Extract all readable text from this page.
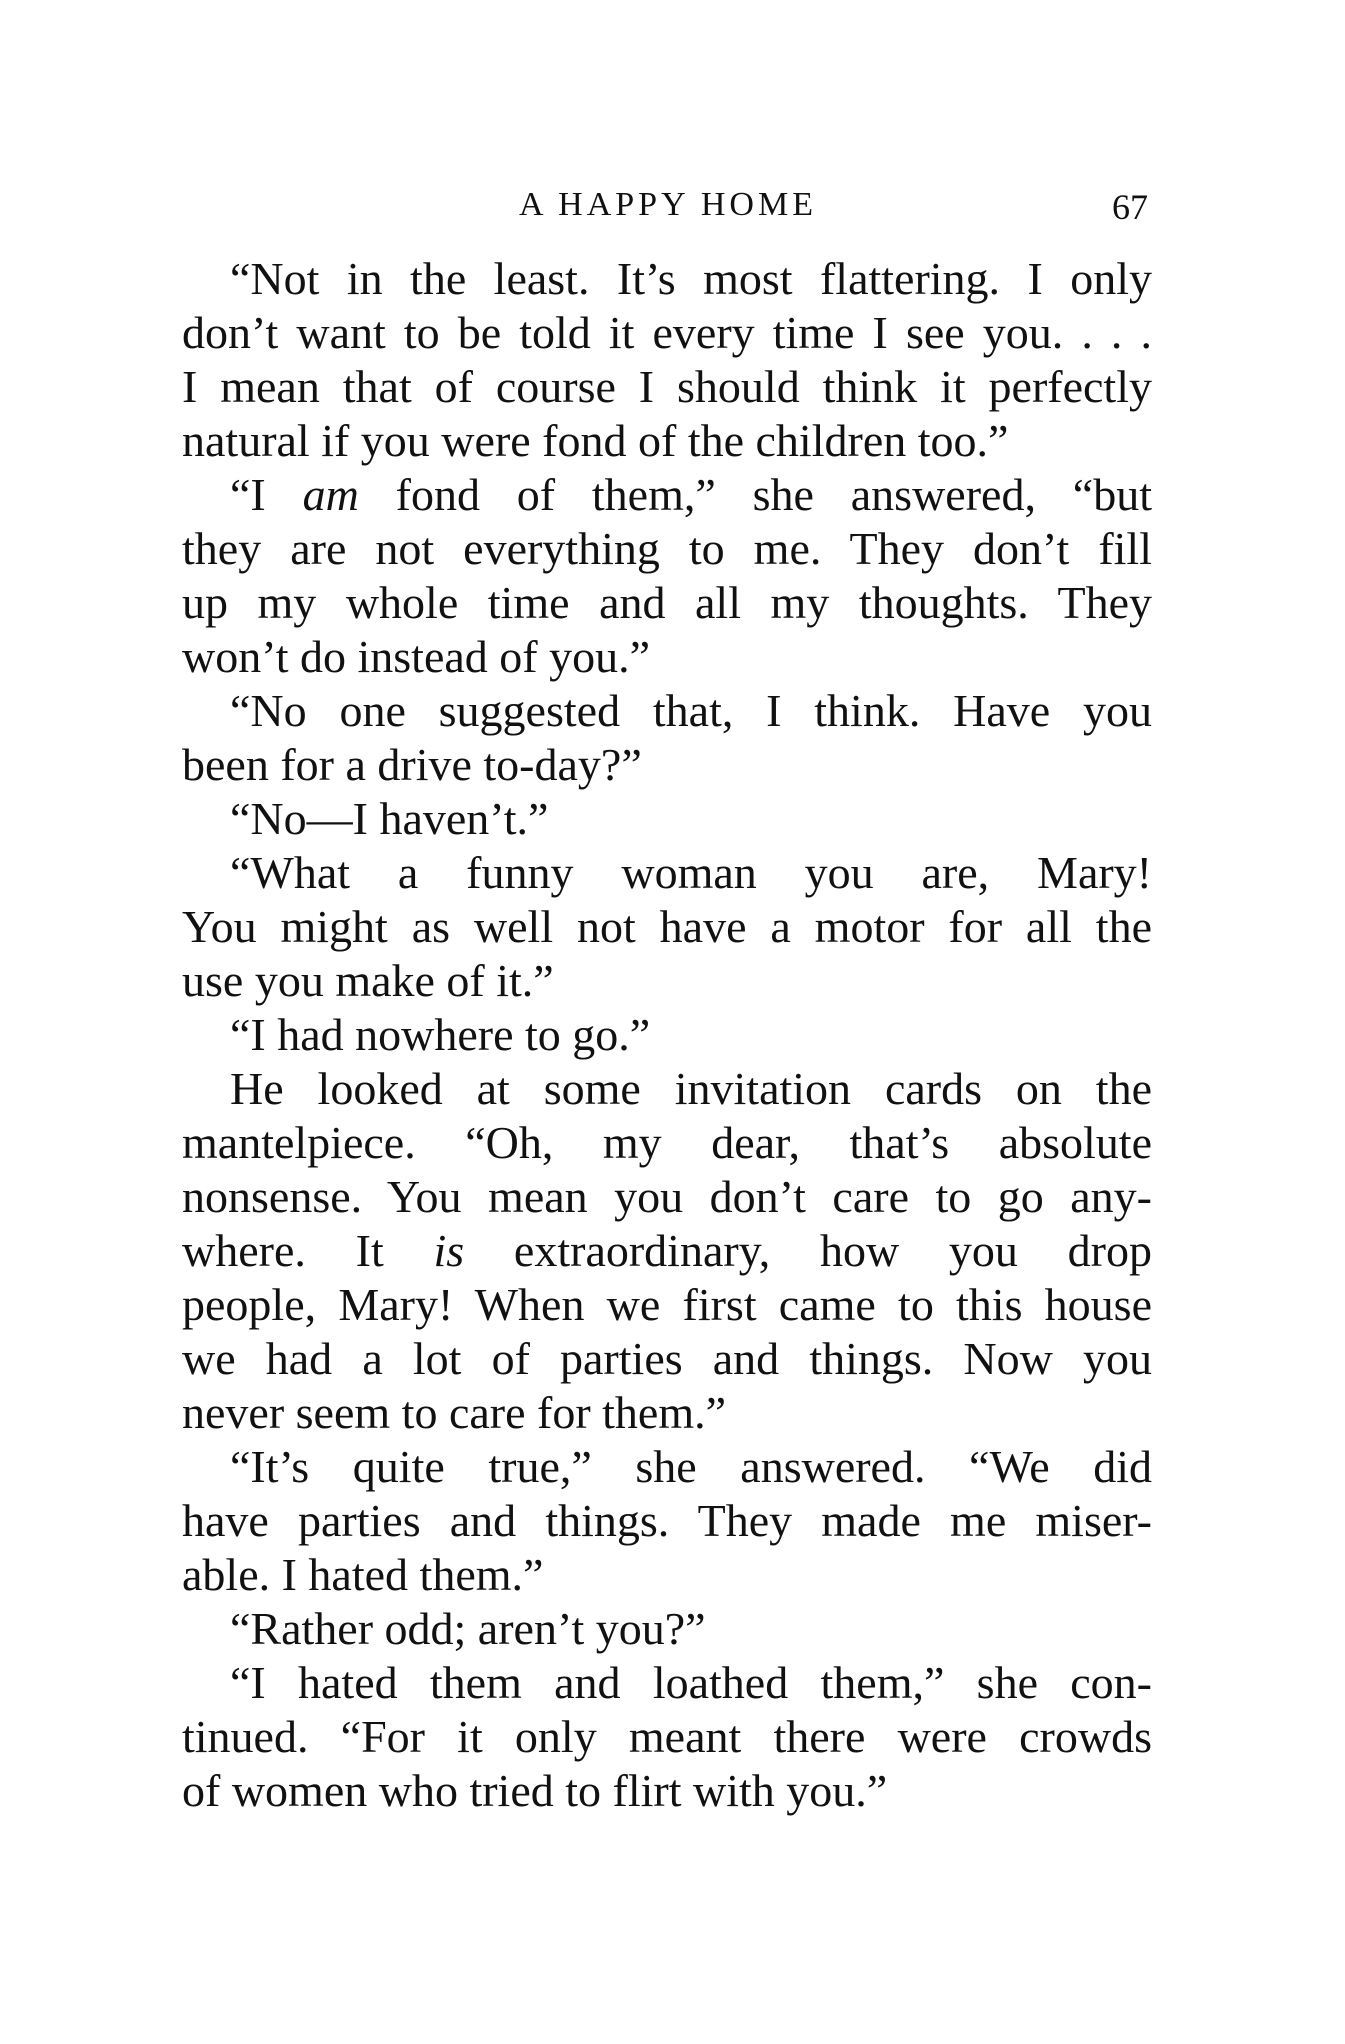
A HAPPY HOME	67
“Not in the least. It’s most flattering. I only
don’t want to be told it every time I see you. . . .
I mean that of course I should think it perfectly
natural if you were fond of the children too.”
“I am fond of them,” she answered, “but
they are not everything to me. They don’t fill
up my whole time and all my thoughts. They
won’t do instead of you.”
“No one suggested that, I think. Have you
been for a drive to-day?”
“No—I haven’t.”
“What a funny woman you are, Mary!
You might as well not have a motor for all the
use you make of it.”
“I had nowhere to go.”
He looked at some invitation cards on the
mantelpiece. “Oh, my dear, that’s absolute
nonsense. You mean you don’t care to go any-
where. It is extraordinary, how you drop
people, Mary! When we first came to this house
we had a lot of parties and things. Now you
never seem to care for them.”
“It’s quite true,” she answered. “We did
have parties and things. They made me miser-
able. I hated them.”
“Rather odd; aren’t you?”
“I hated them and loathed them,” she con-
tinued. “For it only meant there were crowds
of women who tried to flirt with you.”
